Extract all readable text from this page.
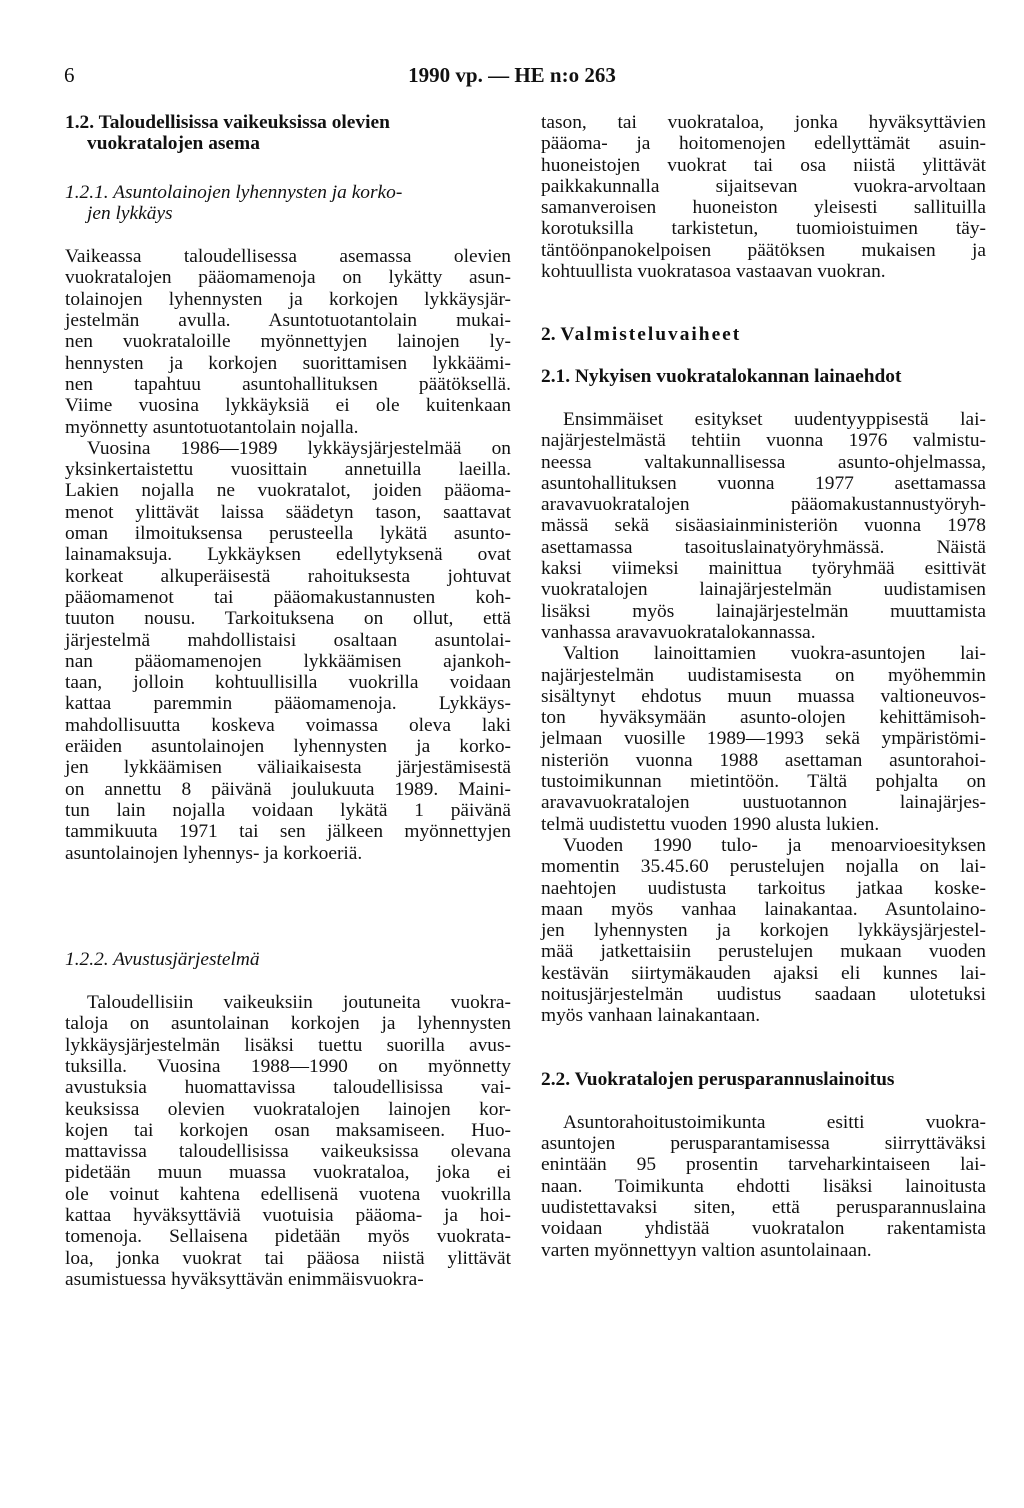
6	1990 vp. — HE n:o 263
1.2. Taloudellisissa vaikeuksissa olevien
vuokratalojen asema
1.2.1. Asuntolainojen lyhennysten ja korko-
jen lykkäys
Vaikeassa taloudellisessa asemassa olevien
vuokratalojen pääomamenoja on lykätty asun-
tolainojen lyhennysten ja korkojen lykkäysjär-
jestelmän avulla. Asuntotuotantolain mukai-
nen vuokrataloille myönnettyjen lainojen ly-
hennysten ja korkojen suorittamisen lykkäämi-
nen tapahtuu asuntohallituksen päätöksellä.
Viime vuosina lykkäyksiä ei ole kuitenkaan
myönnetty asuntotuotantolain nojalla.
Vuosina 1986—1989 lykkäysjärjestelmää on
yksinkertaistettu vuosittain annetuilla laeilla.
Lakien nojalla ne vuokratalot, joiden pääoma-
menot ylittävät laissa säädetyn tason, saattavat
oman ilmoituksensa perusteella lykätä asunto-
lainamaksuja. Lykkäyksen edellytyksenä ovat
korkeat alkuperäisestä rahoituksesta johtuvat
pääomamenot tai pääomakustannusten koh-
tuuton nousu. Tarkoituksena on ollut, että
järjestelmä mahdollistaisi osaltaan asuntolai-
nan pääomamenojen lykkäämisen ajankoh-
taan, jolloin kohtuullisilla vuokrilla voidaan
kattaa paremmin pääomamenoja. Lykkäys-
mahdollisuutta koskeva voimassa oleva laki
eräiden asuntolainojen lyhennysten ja korko-
jen lykkäämisen väliaikaisesta järjestämisestä
on annettu 8 päivänä joulukuuta 1989. Maini-
tun lain nojalla voidaan lykätä 1 päivänä
tammikuuta 1971 tai sen jälkeen myönnettyjen
asuntolainojen lyhennys- ja korkoeriä.
1.2.2. Avustusjärjestelmä
Taloudellisiin vaikeuksiin joutuneita vuokra-
taloja on asuntolainan korkojen ja lyhennysten
lykkäysjärjestelmän lisäksi tuettu suorilla avus-
tuksilla. Vuosina 1988—1990 on myönnetty
avustuksia huomattavissa taloudellisissa vai-
keuksissa olevien vuokratalojen lainojen kor-
kojen tai korkojen osan maksamiseen. Huo-
mattavissa taloudellisissa vaikeuksissa olevana
pidetään muun muassa vuokrataloa, joka ei
ole voinut kahtena edellisenä vuotena vuokrilla
kattaa hyväksyttäviä vuotuisia pääoma- ja hoi-
tomenoja. Sellaisena pidetään myös vuokrata-
loa, jonka vuokrat tai pääosa niistä ylittävät
asumistuessa hyväksyttävän enimmäisvuokra-
tason, tai vuokrataloa, jonka hyväksyttävien
pääoma- ja hoitomenojen edellyttämät asuin-
huoneistojen vuokrat tai osa niistä ylittävät
paikkakunnalla sijaitsevan vuokra-arvoltaan
samanveroisen huoneiston yleisesti sallituilla
korotuksilla tarkistetun, tuomioistuimen täy-
täntöönpanokelpoisen päätöksen mukaisen ja
kohtuullista vuokratasoa vastaavan vuokran.
2. Valmisteluvaiheet
2.1. Nykyisen vuokratalokannan lainaehdot
Ensimmäiset esitykset uudentyyppisestä lai-
najärjestelmästä tehtiin vuonna 1976 valmistu-
neessa valtakunnallisessa asunto-ohjelmassa,
asuntohallituksen vuonna 1977 asettamassa
aravavuokratalojen pääomakustannustyöryh-
mässä sekä sisäasiainministeriön vuonna 1978
asettamassa tasoituslainatyöryhmässä. Näistä
kaksi viimeksi mainittua työryhmää esittivät
vuokratalojen lainajärjestelmän uudistamisen
lisäksi myös lainajärjestelmän muuttamista
vanhassa aravavuokratalokannassa.
Valtion lainoittamien vuokra-asuntojen lai-
najärjestelmän uudistamisesta on myöhemmin
sisältynyt ehdotus muun muassa valtioneuvos-
ton hyväksymään asunto-olojen kehittämisoh-
jelmaan vuosille 1989—1993 sekä ympäristömi-
nisteriön vuonna 1988 asettaman asuntorahoi-
tustoimikunnan mietintöön. Tältä pohjalta on
aravavuokratalojen uustuotannon lainajärjes-
telmä uudistettu vuoden 1990 alusta lukien.
Vuoden 1990 tulo- ja menoarvioesityksen
momentin 35.45.60 perustelujen nojalla on lai-
naehtojen uudistusta tarkoitus jatkaa koske-
maan myös vanhaa lainakantaa. Asuntolaino-
jen lyhennysten ja korkojen lykkäysjärjestel-
mää jatkettaisiin perustelujen mukaan vuoden
kestävän siirtymäkauden ajaksi eli kunnes lai-
noitusjärjestelmän uudistus saadaan ulotetuksi
myös vanhaan lainakantaan.
2.2. Vuokratalojen perusparannuslainoitus
Asuntorahoitustoimikunta esitti vuokra-
asuntojen perusparantamisessa siirryttäväksi
enintään 95 prosentin tarveharkintaiseen lai-
naan. Toimikunta ehdotti lisäksi lainoitusta
uudistettavaksi siten, että perusparannuslaina
voidaan yhdistää vuokratalon rakentamista
varten myönnettyyn valtion asuntolainaan.
